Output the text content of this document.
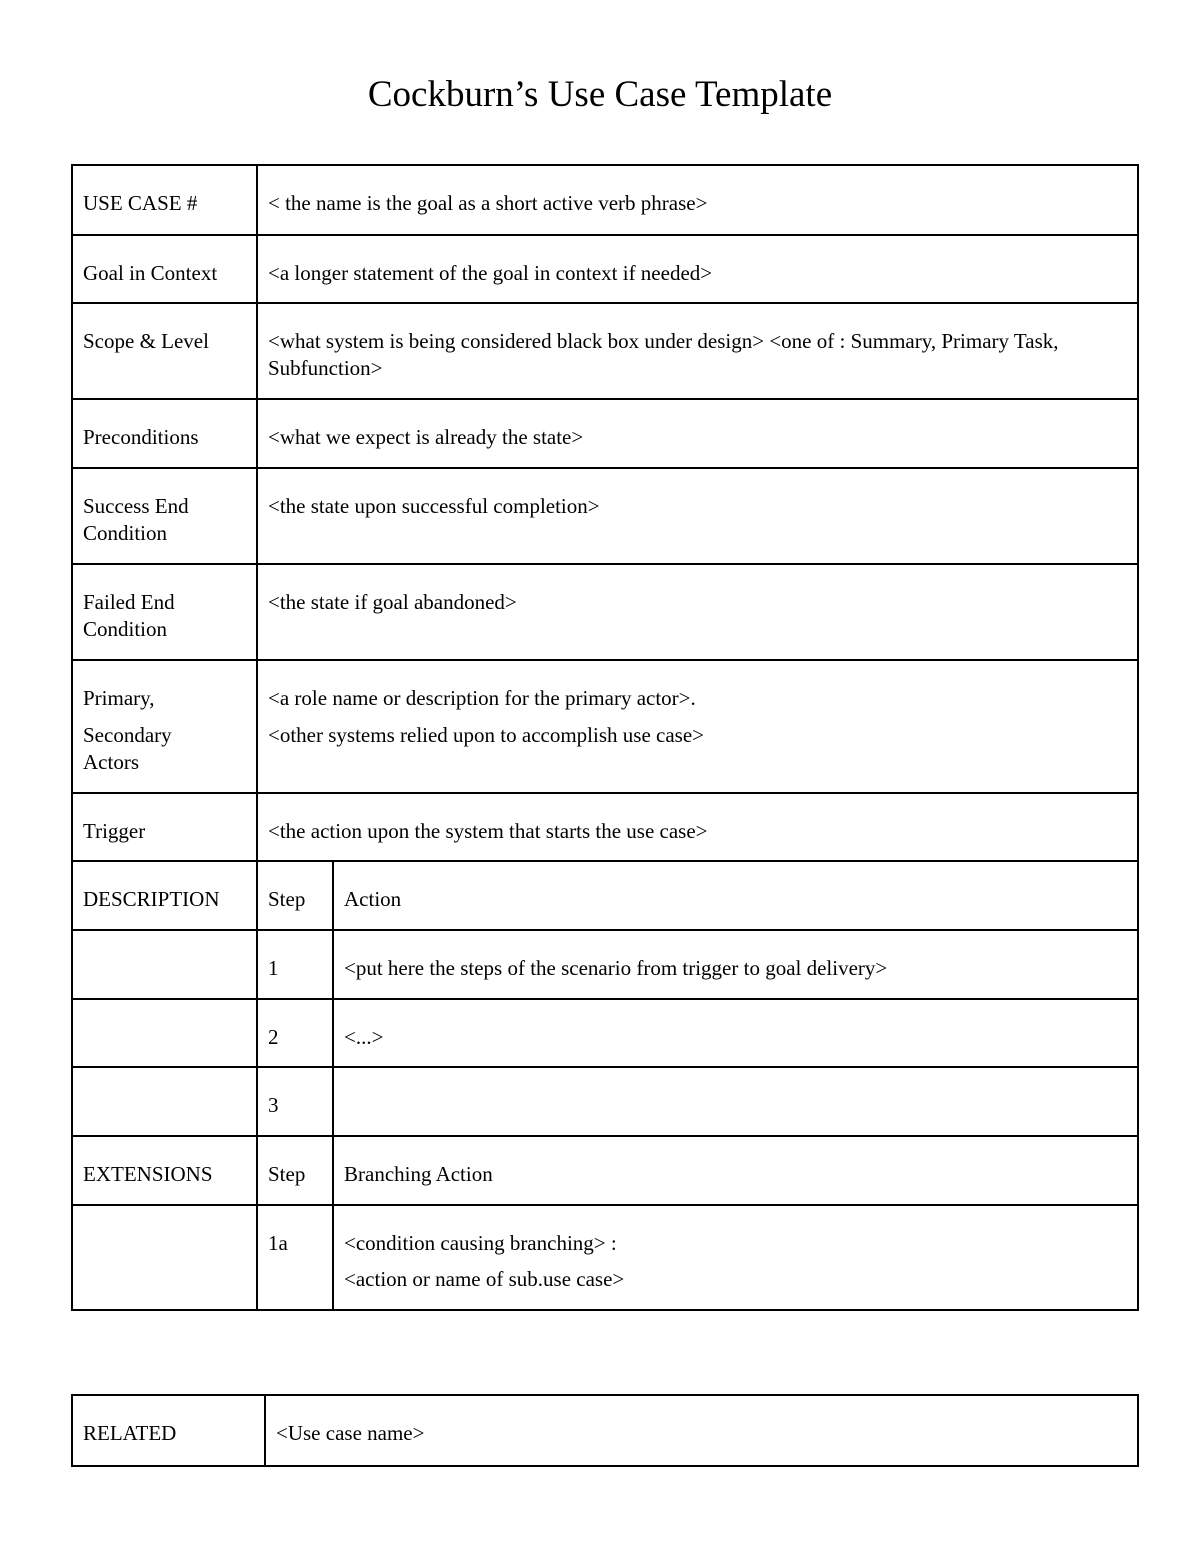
Cockburn’s Use Case Template
USE CASE #	< the name is the goal as a short active verb phrase>	
Goal in Context	<a longer statement of the goal in context if needed>	
Scope & Level	<what system is being considered black box under design> <one of : Summary, Primary Task, Subfunction>	
Preconditions	<what we expect is already the state>	

Success End
Condition	<the state upon successful completion>	

Failed End
Condition	<the state if goal abandoned>	

Primary,
Secondary
Actors	<a role name or description for the primary actor>.
<other systems relied upon to accomplish use case>	

Trigger	<the action upon the system that starts the use case>	
DESCRIPTION	Step	Action
	1	<put here the steps of the scenario from trigger to goal delivery>
	2	<...>
	3	
EXTENSIONS	Step	Branching Action
	1a	<condition causing branching> :
<action or name of sub.use case>
RELATED	<Use case name>
